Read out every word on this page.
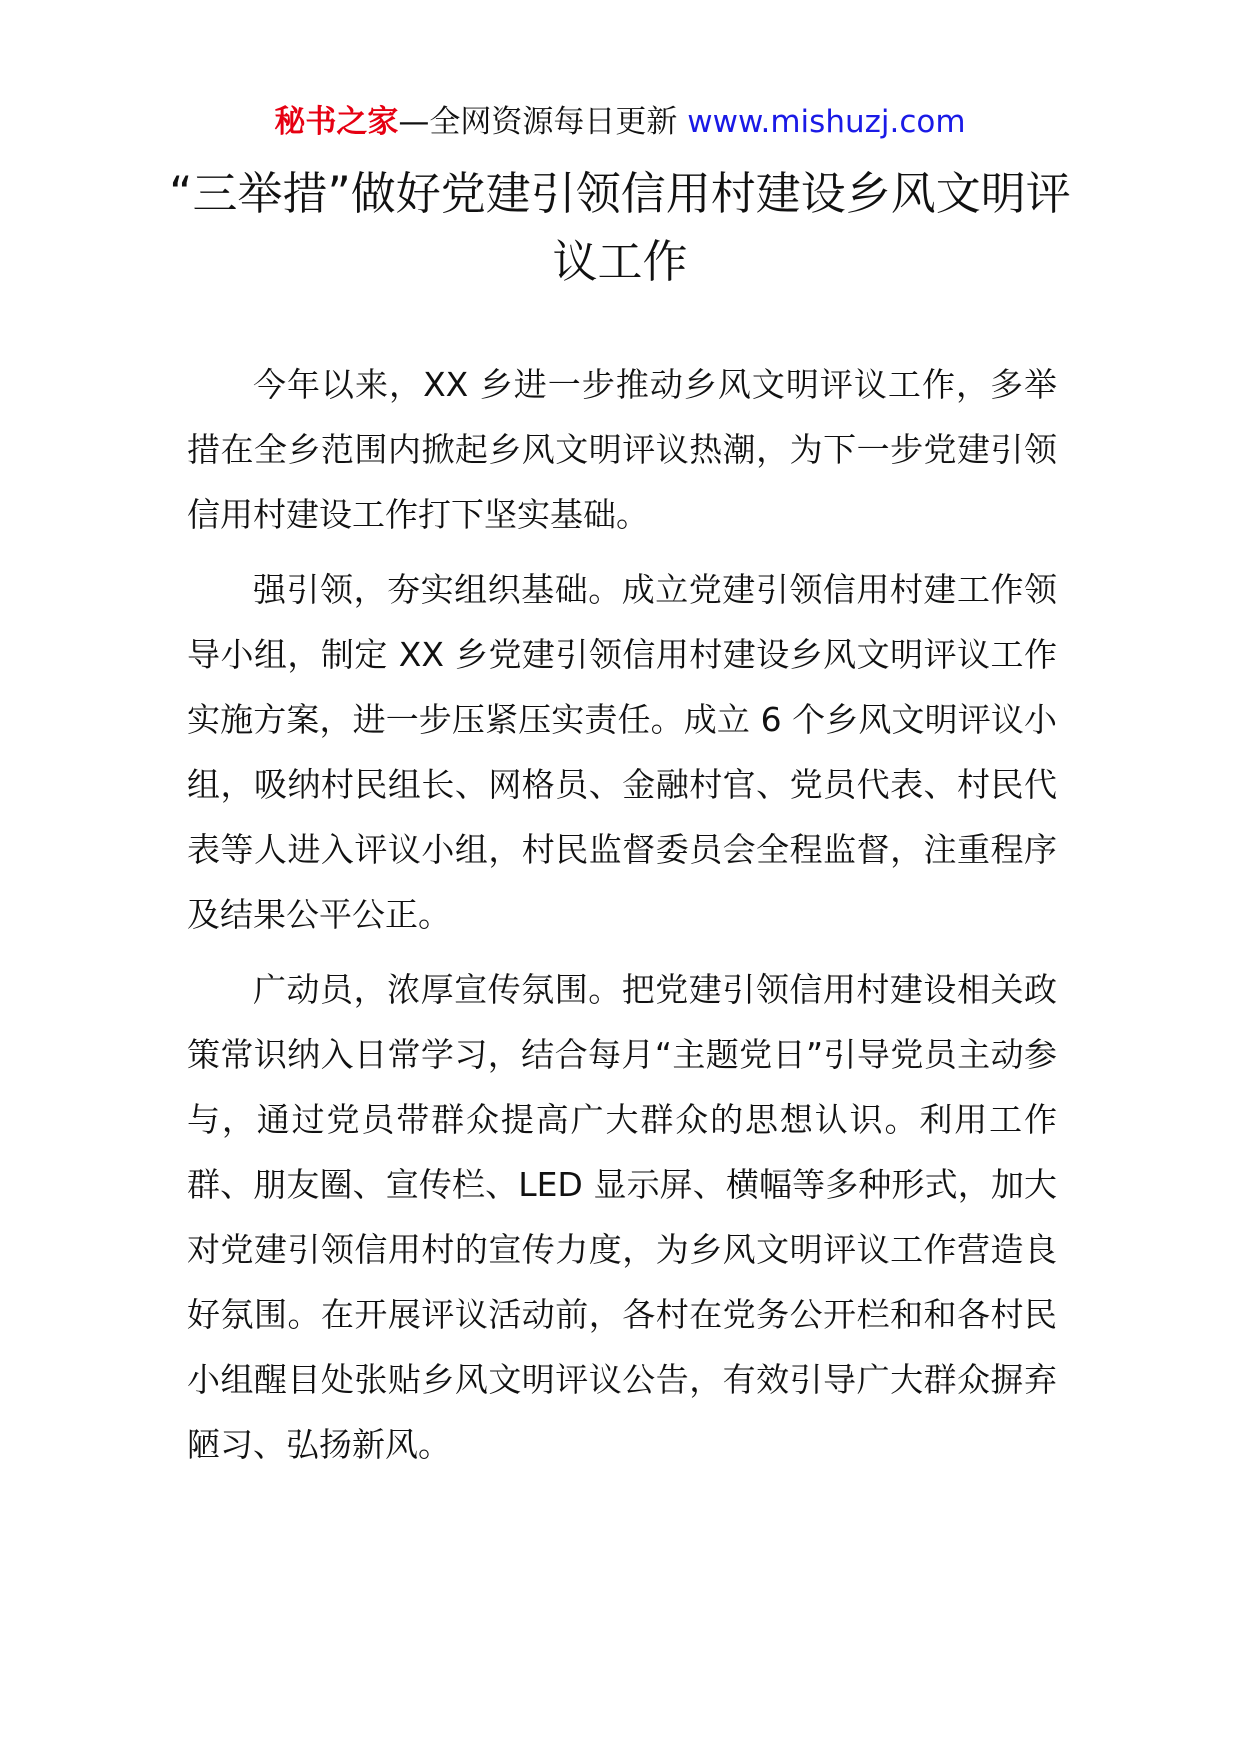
秘书之家—全网资源每日更新 www.mishuzj.com
“三举措”做好党建引领信用村建设乡风文明评议工作

今年以来，XX 乡进一步推动乡风文明评议工作，多举措在全乡范围内掀起乡风文明评议热潮，为下一步党建引领信用村建设工作打下坚实基础。

强引领，夯实组织基础。成立党建引领信用村建工作领导小组，制定 XX 乡党建引领信用村建设乡风文明评议工作实施方案，进一步压紧压实责任。成立 6 个乡风文明评议小组，吸纳村民组长、网格员、金融村官、党员代表、村民代表等人进入评议小组，村民监督委员会全程监督，注重程序及结果公平公正。

广动员，浓厚宣传氛围。把党建引领信用村建设相关政策常识纳入日常学习，结合每月“主题党日”引导党员主动参与，通过党员带群众提高广大群众的思想认识。利用工作群、朋友圈、宣传栏、LED 显示屏、横幅等多种形式，加大对党建引领信用村的宣传力度，为乡风文明评议工作营造良好氛围。在开展评议活动前，各村在党务公开栏和和各村民小组醒目处张贴乡风文明评议公告，有效引导广大群众摒弃陋习、弘扬新风。
